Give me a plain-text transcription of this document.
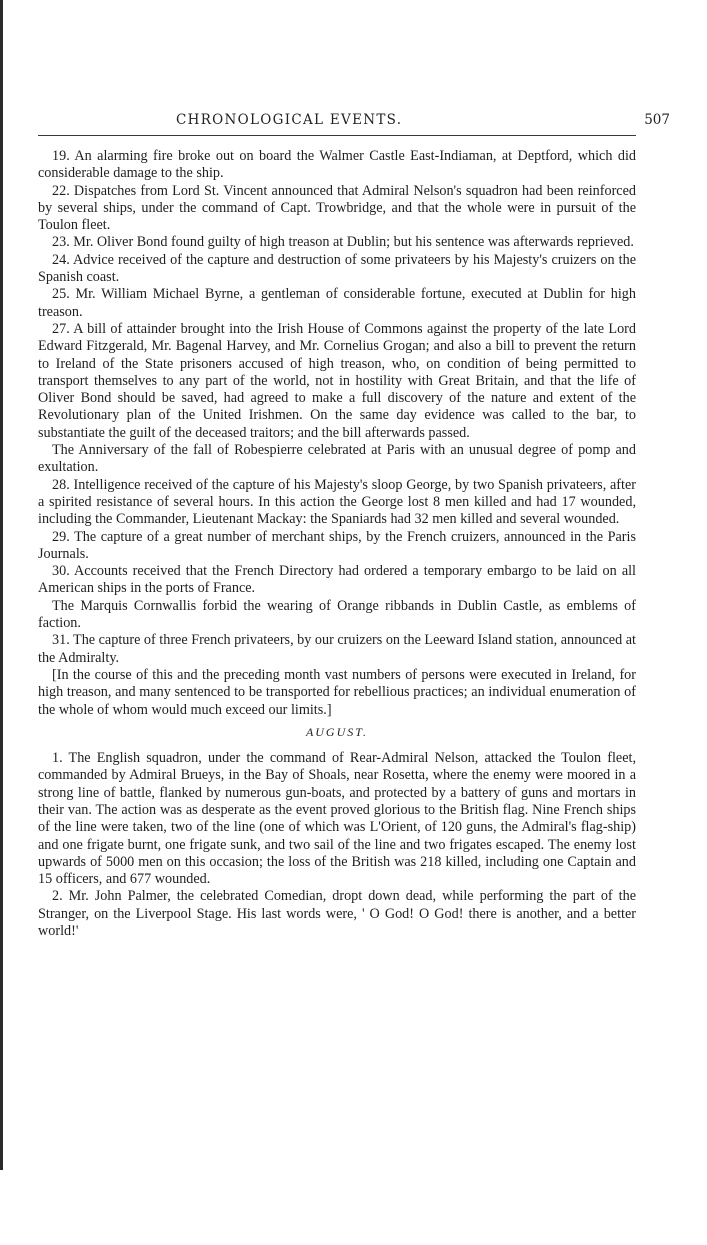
CHRONOLOGICAL EVENTS.	507

19. An alarming fire broke out on board the Walmer Castle East-Indiaman, at Deptford, which did considerable damage to the ship.

22. Dispatches from Lord St. Vincent announced that Admiral Nelson's squadron had been reinforced by several ships, under the command of Capt. Trowbridge, and that the whole were in pursuit of the Toulon fleet.

23. Mr. Oliver Bond found guilty of high treason at Dublin; but his sentence was afterwards reprieved.

24. Advice received of the capture and destruction of some privateers by his Majesty's cruizers on the Spanish coast.

25. Mr. William Michael Byrne, a gentleman of considerable fortune, executed at Dublin for high treason.

27. A bill of attainder brought into the Irish House of Commons against the property of the late Lord Edward Fitzgerald, Mr. Bagenal Harvey, and Mr. Cornelius Grogan; and also a bill to prevent the return to Ireland of the State prisoners accused of high treason, who, on condition of being permitted to transport themselves to any part of the world, not in hostility with Great Britain, and that the life of Oliver Bond should be saved, had agreed to make a full discovery of the nature and extent of the Revolutionary plan of the United Irishmen. On the same day evidence was called to the bar, to substantiate the guilt of the deceased traitors; and the bill afterwards passed.

The Anniversary of the fall of Robespierre celebrated at Paris with an unusual degree of pomp and exultation.

28. Intelligence received of the capture of his Majesty's sloop George, by two Spanish privateers, after a spirited resistance of several hours. In this action the George lost 8 men killed and had 17 wounded, including the Commander, Lieutenant Mackay: the Spaniards had 32 men killed and several wounded.

29. The capture of a great number of merchant ships, by the French cruizers, announced in the Paris Journals.

30. Accounts received that the French Directory had ordered a temporary embargo to be laid on all American ships in the ports of France.

The Marquis Cornwallis forbid the wearing of Orange ribbands in Dublin Castle, as emblems of faction.

31. The capture of three French privateers, by our cruizers on the Leeward Island station, announced at the Admiralty.

[In the course of this and the preceding month vast numbers of persons were executed in Ireland, for high treason, and many sentenced to be transported for rebellious practices; an individual enumeration of the whole of whom would much exceed our limits.]

AUGUST.

1. The English squadron, under the command of Rear-Admiral Nelson, attacked the Toulon fleet, commanded by Admiral Brueys, in the Bay of Shoals, near Rosetta, where the enemy were moored in a strong line of battle, flanked by numerous gun-boats, and protected by a battery of guns and mortars in their van. The action was as desperate as the event proved glorious to the British flag. Nine French ships of the line were taken, two of the line (one of which was L'Orient, of 120 guns, the Admiral's flag-ship) and one frigate burnt, one frigate sunk, and two sail of the line and two frigates escaped. The enemy lost upwards of 5000 men on this occasion; the loss of the British was 218 killed, including one Captain and 15 officers, and 677 wounded.

2. Mr. John Palmer, the celebrated Comedian, dropt down dead, while performing the part of the Stranger, on the Liverpool Stage. His last words were, ' O God! O God! there is another, and a better world!'
